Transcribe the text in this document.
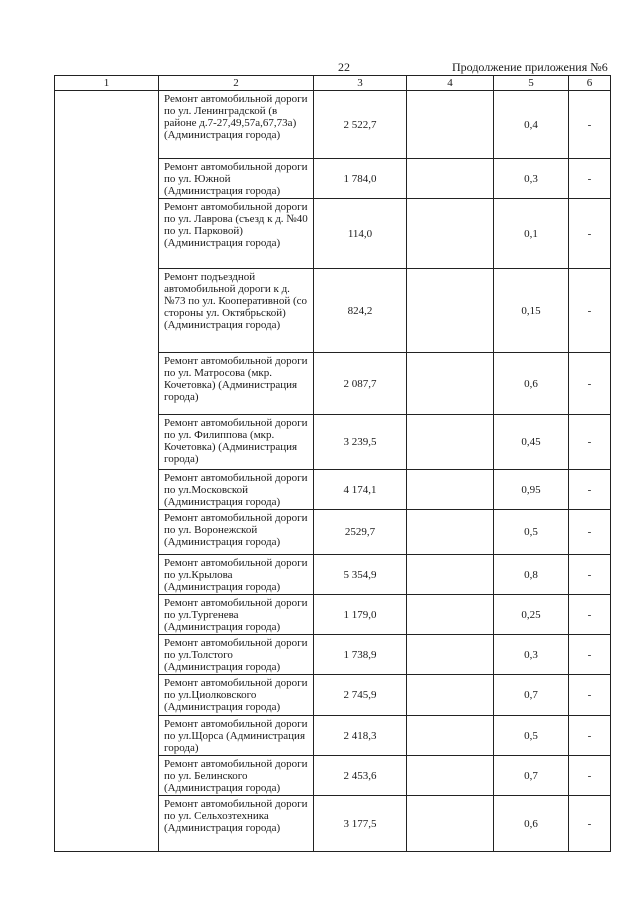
22	Продолжение приложения №6
1	2	3	4	5	6
	Ремонт автомобильной дороги по ул. Ленинградской (в районе д.7-27,49,57а,67,73а) (Администрация города)	2 522,7		0,4	-
	Ремонт автомобильной дороги по ул. Южной (Администрация города)	1 784,0		0,3	-
	Ремонт автомобильной дороги по ул. Лаврова (съезд к д. №40 по ул. Парковой) (Администрация города)	114,0		0,1	-
	Ремонт подъездной автомобильной дороги к д. №73 по ул. Кооперативной (со стороны ул. Октябрьской) (Администрация города)	824,2		0,15	-
	Ремонт автомобильной дороги по ул. Матросова (мкр. Кочетовка) (Администрация города)	2 087,7		0,6	-
	Ремонт автомобильной дороги по ул. Филиппова (мкр. Кочетовка) (Администрация города)	3 239,5		0,45	-
	Ремонт автомобильной дороги по ул.Московской (Администрация города)	4 174,1		0,95	-
	Ремонт автомобильной дороги по ул. Воронежской (Администрация города)	2529,7		0,5	-
	Ремонт автомобильной дороги по ул.Крылова (Администрация города)	5 354,9		0,8	-
	Ремонт автомобильной дороги по ул.Тургенева (Администрация города)	1 179,0		0,25	-
	Ремонт автомобильной дороги по ул.Толстого (Администрация города)	1 738,9		0,3	-
	Ремонт автомобильной дороги по ул.Циолковского (Администрация города)	2 745,9		0,7	-
	Ремонт автомобильной дороги по ул.Щорса (Администрация города)	2 418,3		0,5	-
	Ремонт автомобильной дороги по ул. Белинского (Администрация города)	2 453,6		0,7	-
	Ремонт автомобильной дороги по ул. Сельхозтехника (Администрация города)	3 177,5		0,6	-
